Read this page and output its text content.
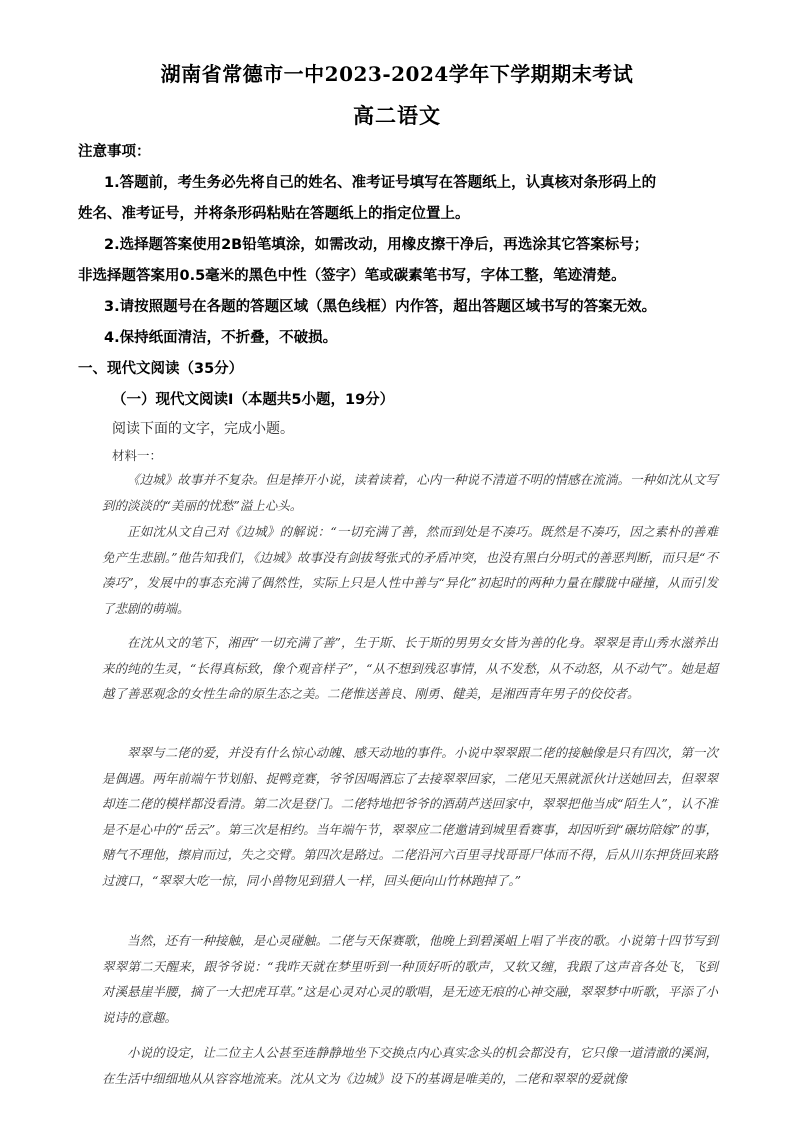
湖南省常德市一中2023-2024学年下学期期末考试
高二语文
注意事项：
1.答题前，考生务必先将自己的姓名、准考证号填写在答题纸上，认真核对条形码上的
姓名、准考证号，并将条形码粘贴在答题纸上的指定位置上。
2.选择题答案使用2B铅笔填涂，如需改动，用橡皮擦干净后，再选涂其它答案标号；
非选择题答案用0.5毫米的黑色中性（签字）笔或碳素笔书写，字体工整，笔迹清楚。
3.请按照题号在各题的答题区域（黑色线框）内作答，超出答题区域书写的答案无效。
4.保持纸面清洁，不折叠，不破损。
一、现代文阅读（35分）
（一）现代文阅读Ⅰ（本题共5小题，19分）
阅读下面的文字，完成小题。
材料一：

《边城》故事并不复杂。但是捧开小说，读着读着，心内一种说不清道不明的情感在流淌。一种如沈从文写到的淡淡的“美丽的忧愁”溢上心头。

正如沈从文自己对《边城》的解说：“一切充满了善，然而到处是不凑巧。既然是不凑巧，因之素朴的善难免产生悲剧。”他告知我们，《边城》故事没有剑拔弩张式的矛盾冲突，也没有黑白分明式的善恶判断，而只是“不凑巧”，发展中的事态充满了偶然性，实际上只是人性中善与“异化”初起时的两种力量在朦胧中碰撞，从而引发了悲剧的萌端。

在沈从文的笔下，湘西“一切充满了善”，生于斯、长于斯的男男女女皆为善的化身。翠翠是青山秀水滋养出来的纯的生灵，“长得真标致，像个观音样子”，“从不想到残忍事情，从不发愁，从不动怒，从不动气”。她是超越了善恶观念的女性生命的原生态之美。二佬惟送善良、刚勇、健美，是湘西青年男子的佼佼者。

翠翠与二佬的爱，并没有什么惊心动魄、感天动地的事件。小说中翠翠跟二佬的接触像是只有四次，第一次是偶遇。两年前端午节划船、捉鸭竞赛，爷爷因喝酒忘了去接翠翠回家，二佬见天黑就派伙计送她回去，但翠翠却连二佬的模样都没看清。第二次是登门。二佬特地把爷爷的酒葫芦送回家中，翠翠把他当成“陌生人”，认不准是不是心中的“岳云”。第三次是相约。当年端午节，翠翠应二佬邀请到城里看赛事，却因听到“碾坊陪嫁”的事，赌气不理他，擦肩而过，失之交臂。第四次是路过。二佬沿河六百里寻找哥哥尸体而不得，后从川东押货回来路过渡口，“翠翠大吃一惊，同小兽物见到猎人一样，回头便向山竹林跑掉了。”

当然，还有一种接触，是心灵碰触。二佬与天保赛歌，他晚上到碧溪岨上唱了半夜的歌。小说第十四节写到翠翠第二天醒来，跟爷爷说：“我昨天就在梦里听到一种顶好听的歌声，又软又缠，我跟了这声音各处飞，飞到对溪悬崖半腰，摘了一大把虎耳草。”这是心灵对心灵的歌唱，是无迹无痕的心神交融，翠翠梦中听歌，平添了小说诗的意趣。

小说的设定，让二位主人公甚至连静静地坐下交换点内心真实念头的机会都没有，它只像一道清澈的溪涧，在生活中细细地从从容容地流来。沈从文为《边城》设下的基调是唯美的，二佬和翠翠的爱就像
